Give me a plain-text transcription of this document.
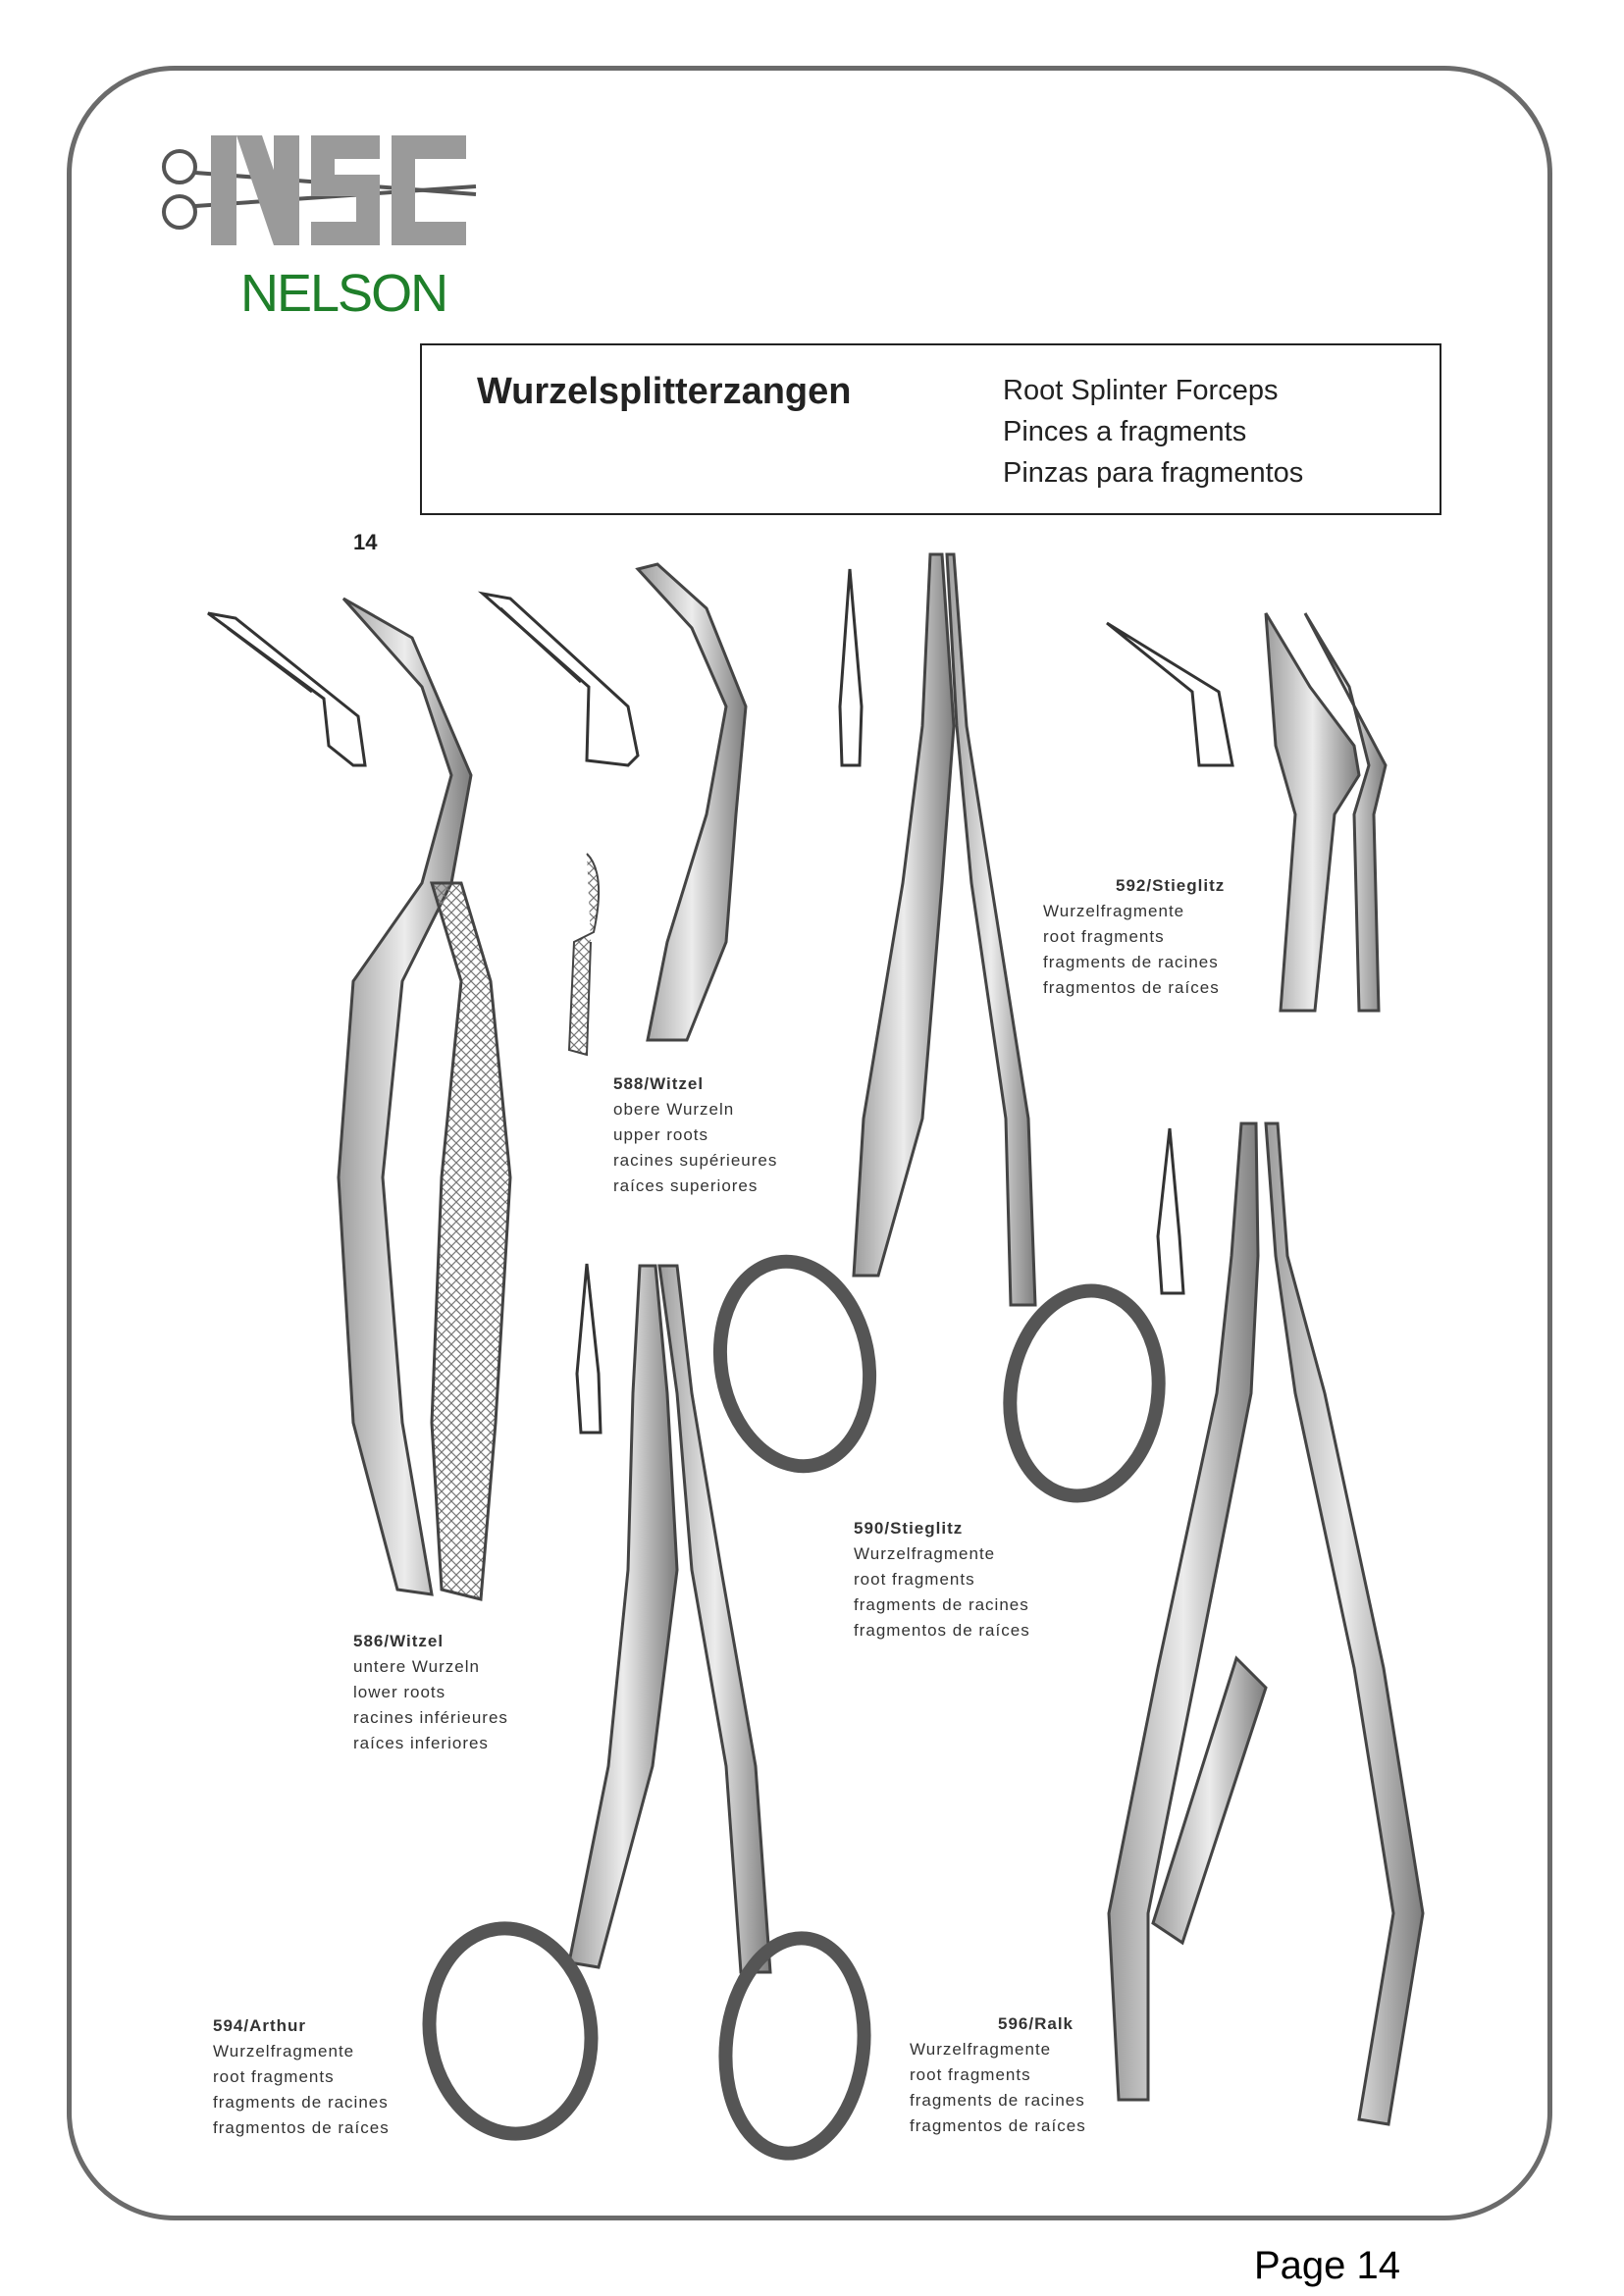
NELSON
Wurzelsplitterzangen	Root Splinter Forceps
Pinces a fragments
Pinzas para fragmentos
14
586/Witzel
untere Wurzeln
lower roots
racines inférieures
raíces inferiores
588/Witzel
obere Wurzeln
upper roots
racines supérieures
raíces superiores
590/Stieglitz
Wurzelfragmente
root fragments
fragments de racines
fragmentos de raíces
592/Stieglitz
Wurzelfragmente
root fragments
fragments de racines
fragmentos de raíces
594/Arthur
Wurzelfragmente
root fragments
fragments de racines
fragmentos de raíces
596/Ralk
Wurzelfragmente
root fragments
fragments de racines
fragmentos de raíces
Page 14
